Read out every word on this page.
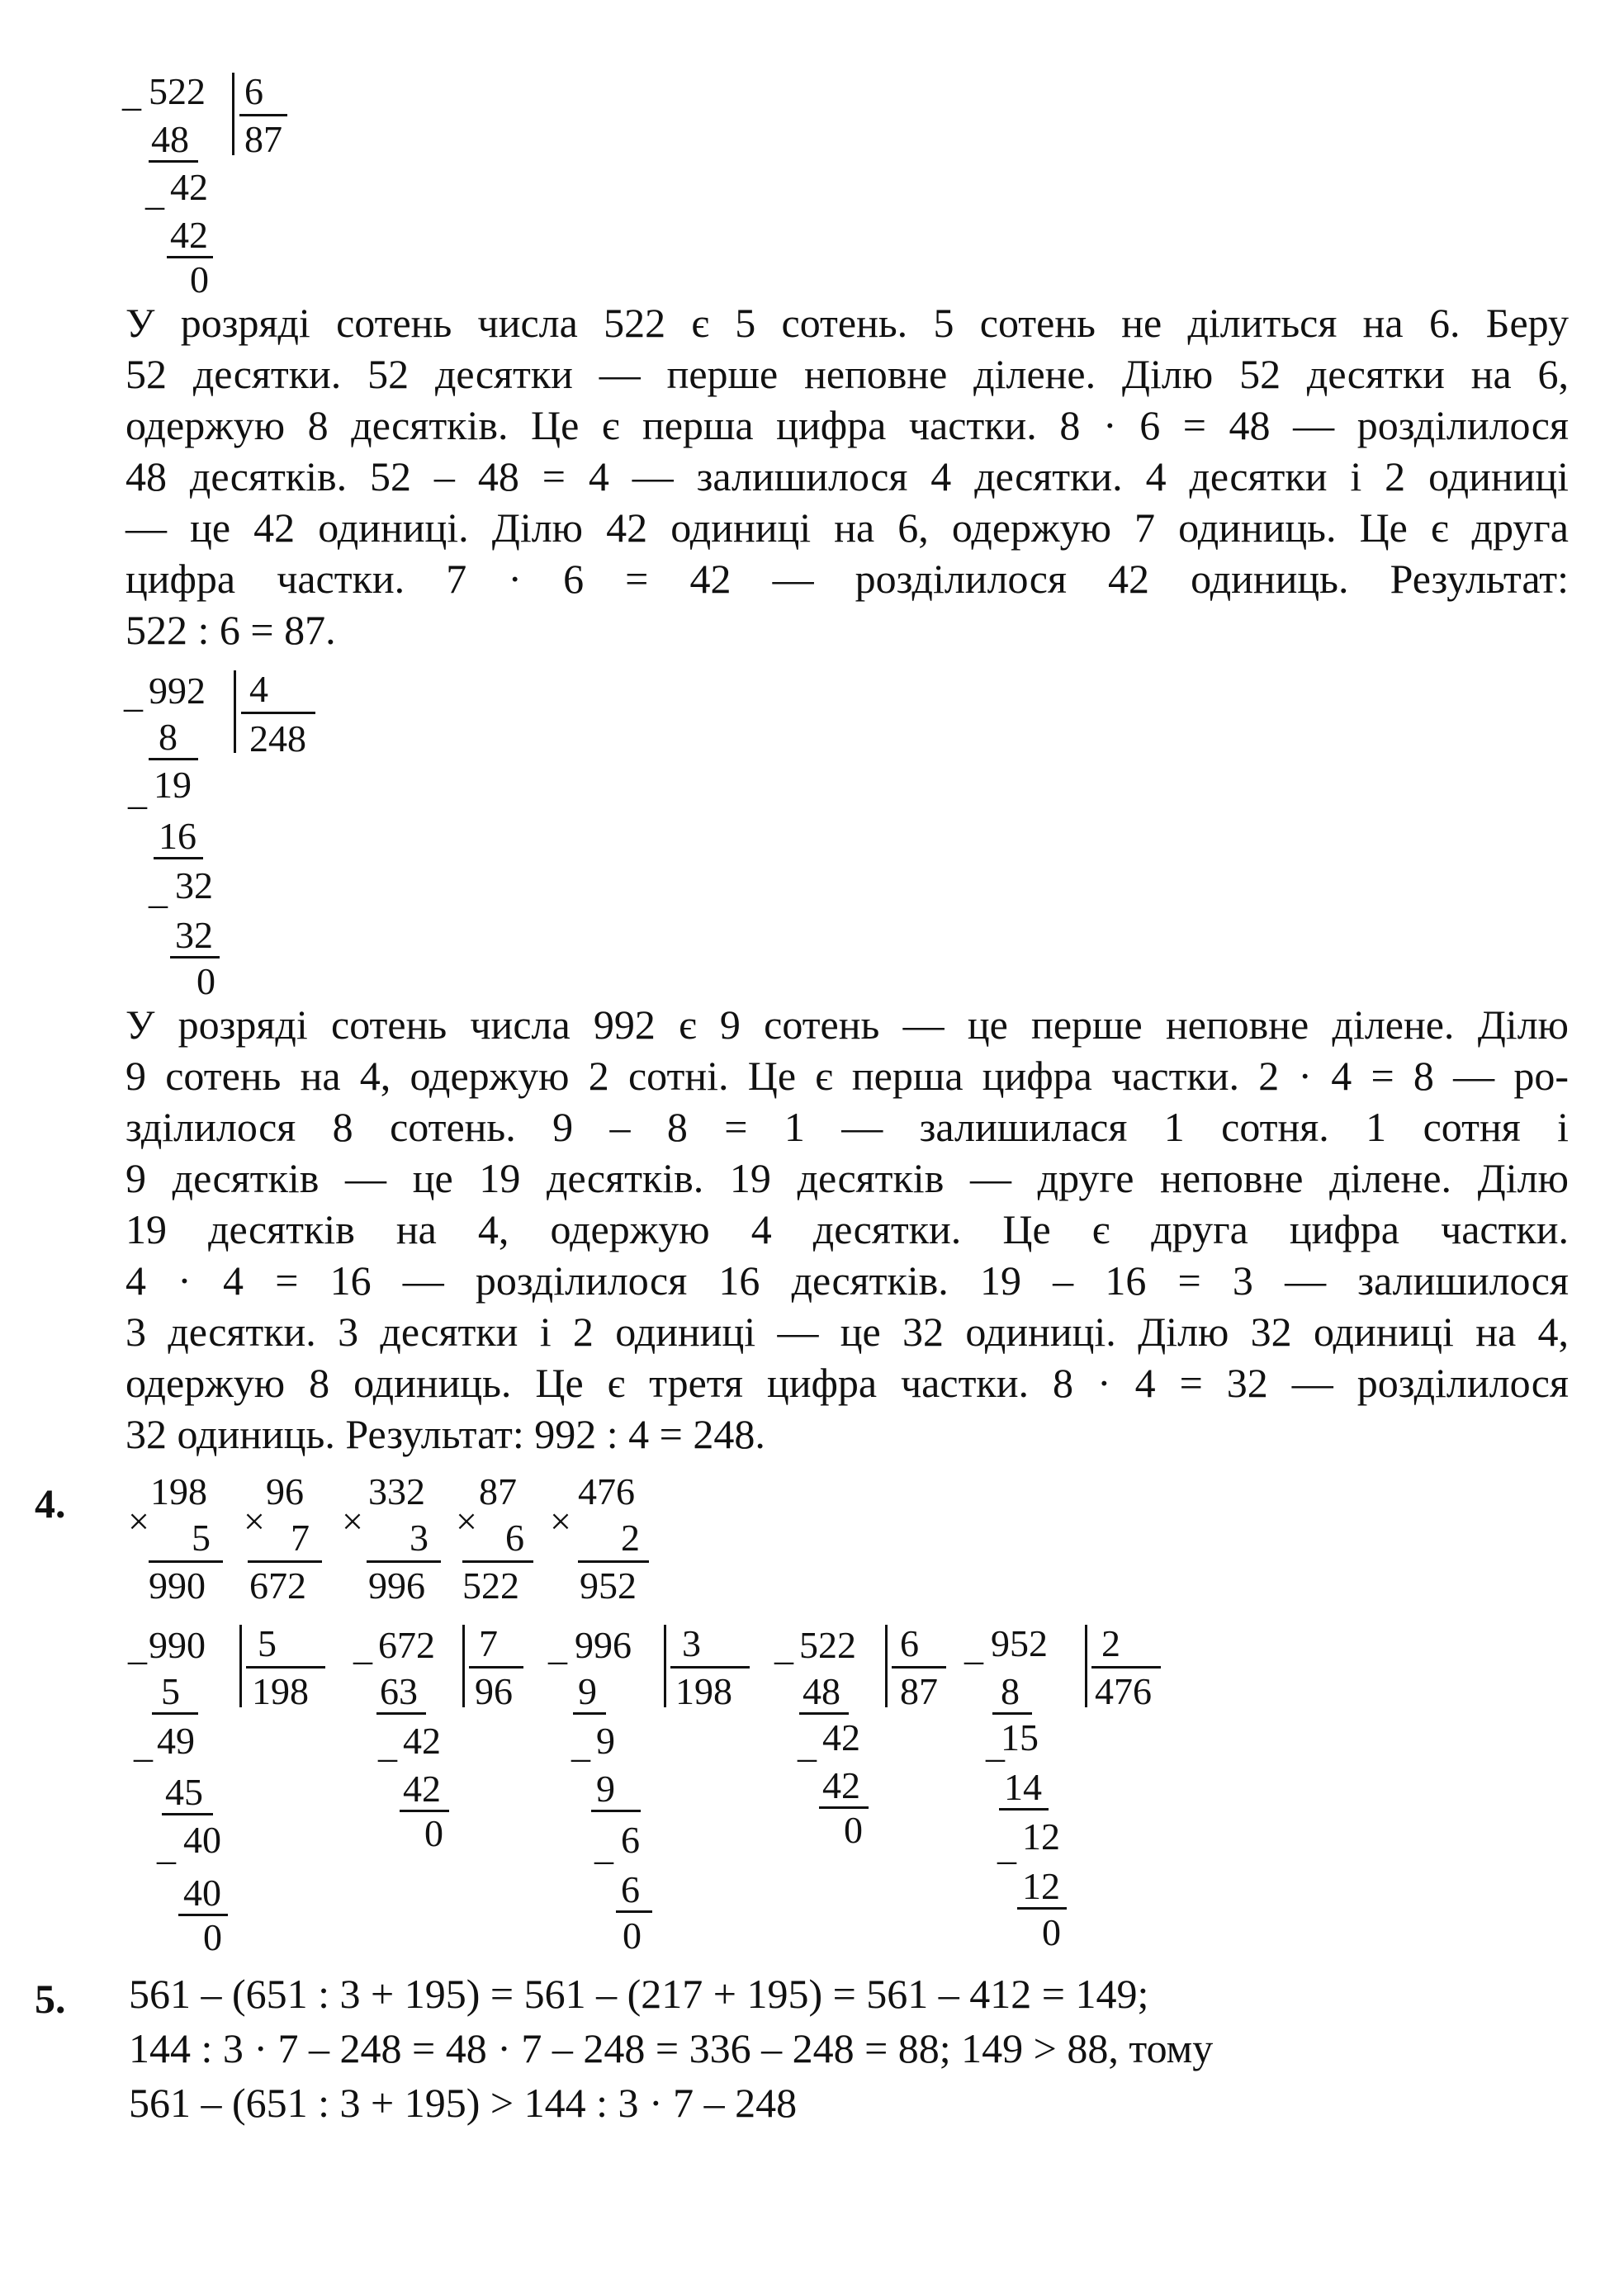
_ 522 6
87
48
_ 42
42
0
У розряді сотень числа 522 є 5 сотень. 5 сотень не ділиться на 6. Беру
52 десятки. 52 десятки — перше неповне ділене. Ділю 52 десятки на 6,
одержую 8 десятків. Це є перша цифра частки. 8 · 6 = 48 — розділилося
48 десятків. 52 – 48 = 4 — залишилося 4 десятки. 4 десятки і 2 одиниці
— це 42 одиниці. Ділю 42 одиниці на 6, одержую 7 одиниць. Це є друга
цифра частки. 7 · 6 = 42 — розділилося 42 одиниць. Результат:
522 : 6 = 87.
_ 992 4
248
8
_ 19
16
_ 32
32
0
У розряді сотень числа 992 є 9 сотень — це перше неповне ділене. Ділю
9 сотень на 4, одержую 2 сотні. Це є перша цифра частки. 2 · 4 = 8 — ро-
зділилося 8 сотень. 9 – 8 = 1 — залишилася 1 сотня. 1 сотня і
9 десятків — це 19 десятків. 19 десятків — друге неповне ділене. Ділю
19 десятків на 4, одержую 4 десятки. Це є друга цифра частки.
4 · 4 = 16 — розділилося 16 десятків. 19 – 16 = 3 — залишилося
3 десятки. 3 десятки і 2 одиниці — це 32 одиниці. Ділю 32 одиниці на 4,
одержую 8 одиниць. Це є третя цифра частки. 8 · 4 = 32 — розділилося
32 одиниць. Результат: 992 : 4 = 248.
4. ×
198
5
990
×
96
7
672
×
332
3
996
×
87
6
522
×
476
2
952
_ 990 5
198
5
_ 49
45
_ 40
40
0
_ 672 7
96
63
_ 42
42
0
_ 996 3
198
9
_ 9
9
_ 6
6
0
_ 522 6
87
48
_ 42
42
0
_ 952 2
476
8
_
15
14
_ 12
12
0
5. 561 – (651 : 3 + 195) = 561 – (217 + 195) = 561 – 412 = 149;
144 : 3 · 7 – 248 = 48 · 7 – 248 = 336 – 248 = 88; 149 > 88, тому
561 – (651 : 3 + 195) > 144 : 3 · 7 – 248
